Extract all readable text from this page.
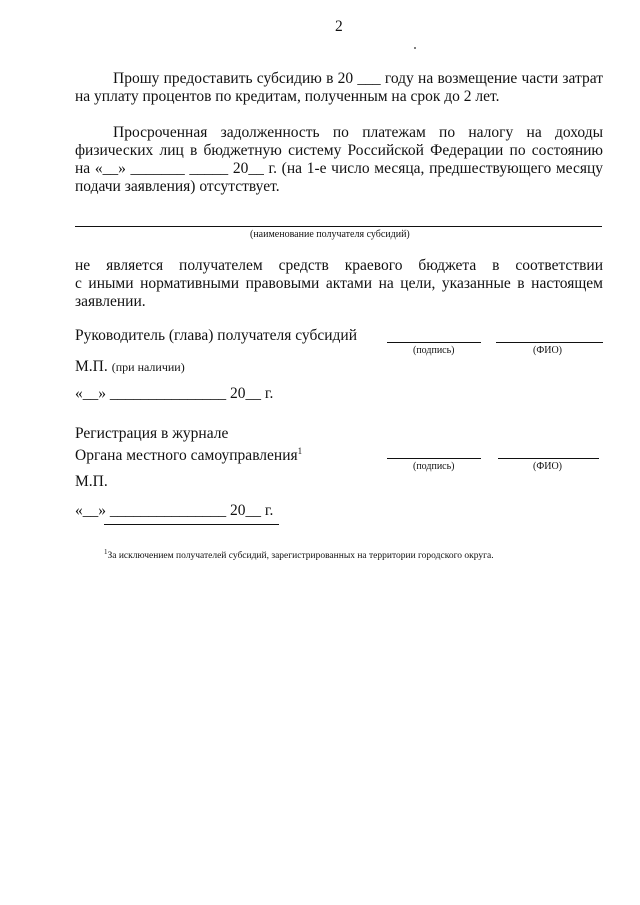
2
Прошу предоставить субсидию в 20 ___ году на возмещение части затрат
на уплату процентов по кредитам, полученным на срок до 2 лет.
Просроченная задолженность по платежам по налогу на доходы
физических лиц в бюджетную систему Российской Федерации по состоянию
на «__» _______ _____ 20__ г. (на 1-е число месяца, предшествующего месяцу
подачи заявления) отсутствует.
(наименование получателя субсидий)
не является получателем средств краевого бюджета в соответствии
с иными нормативными правовыми актами на цели, указанные в настоящем
заявлении.
Руководитель (глава) получателя субсидий
(подпись)	(ФИО)
М.П. (при наличии)
«__» _______________ 20__ г.
Регистрация в журнале
Органа местного самоуправления$^1$
(подпись)	(ФИО)
М.П.
«__» _______________ 20__ г.
$^1$За исключением получателей субсидий, зарегистрированных на территории городского округа.
